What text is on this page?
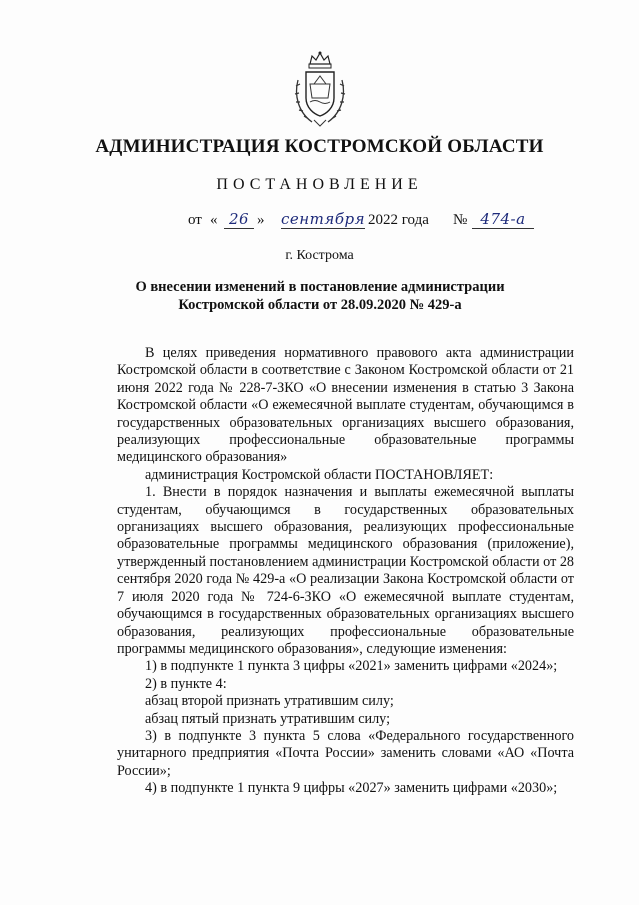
АДМИНИСТРАЦИЯ КОСТРОМСКОЙ ОБЛАСТИ
ПОСТАНОВЛЕНИЕ
от « 26 » сентября 2022 года № 474-а
г. Кострома
О внесении изменений в постановление администрации
Костромской области от 28.09.2020 № 429-а

В целях приведения нормативного правового акта администрации Костромской области в соответствие с Законом Костромской области от 21 июня 2022 года № 228-7-ЗКО «О внесении изменения в статью 3 Закона Костромской области «О ежемесячной выплате студентам, обучающимся в государственных образовательных организациях высшего образования, реализующих профессиональные образовательные программы медицинского образования»

администрация Костромской области ПОСТАНОВЛЯЕТ:

1. Внести в порядок назначения и выплаты ежемесячной выплаты студентам, обучающимся в государственных образовательных организациях высшего образования, реализующих профессиональные образовательные программы медицинского образования (приложение), утвержденный постановлением администрации Костромской области от 28 сентября 2020 года № 429-а «О реализации Закона Костромской области от 7 июля 2020 года № 724-6-ЗКО «О ежемесячной выплате студентам, обучающимся в государственных образовательных организациях высшего образования, реализующих профессиональные образовательные программы медицинского образования», следующие изменения:

1) в подпункте 1 пункта 3 цифры «2021» заменить цифрами «2024»;

2) в пункте 4:

абзац второй признать утратившим силу;

абзац пятый признать утратившим силу;

3) в подпункте 3 пункта 5 слова «Федерального государственного унитарного предприятия «Почта России» заменить словами «АО «Почта России»;

4) в подпункте 1 пункта 9 цифры «2027» заменить цифрами «2030»;
